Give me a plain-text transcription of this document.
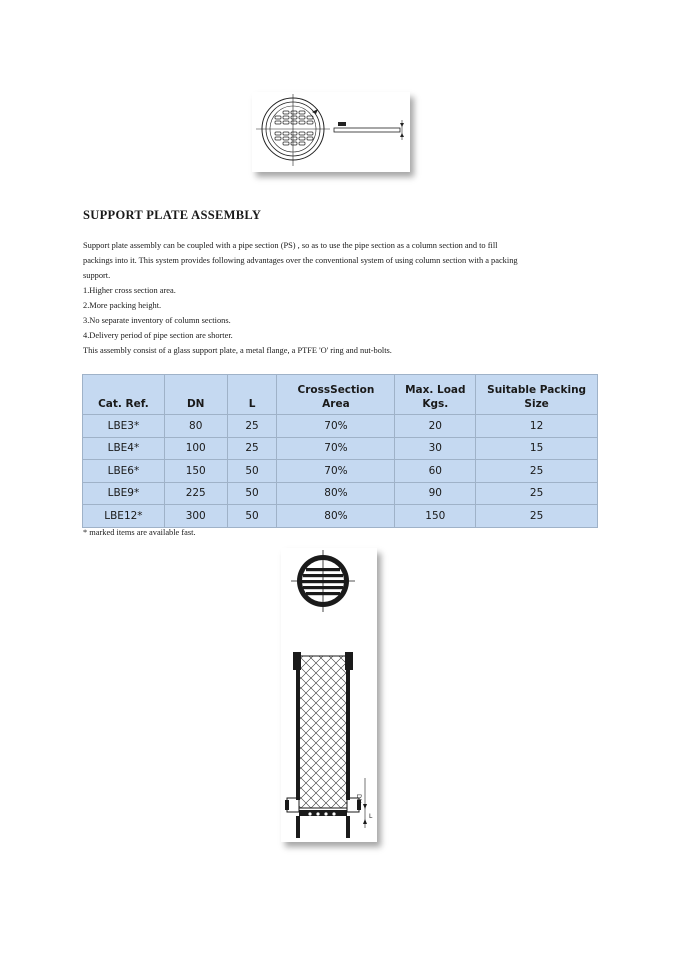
SUPPORT PLATE ASSEMBLY

Support plate assembly can be coupled with a pipe section (PS) , so as to use the pipe section as a column section and to fill

packings into it. This system provides following advantages over the conventional system of using column section with a packing

support.

1.Higher cross section area.

2.More packing height.

3.No separate inventory of column sections.

4.Delivery period of pipe section are shorter.

This assembly consist of a glass support plate, a metal flange, a PTFE 'O' ring and nut-bolts.

Cat. Ref.	DN	L	CrossSection Area	Max. Load Kgs.	Suitable Packing Size
LBE3*	80	25	70%	20	12
LBE4*	100	25	70%	30	15
LBE6*	150	50	70%	60	25
LBE9*	225	50	80%	90	25
LBE12*	300	50	80%	150	25
* marked items are available fast.
DN
L
